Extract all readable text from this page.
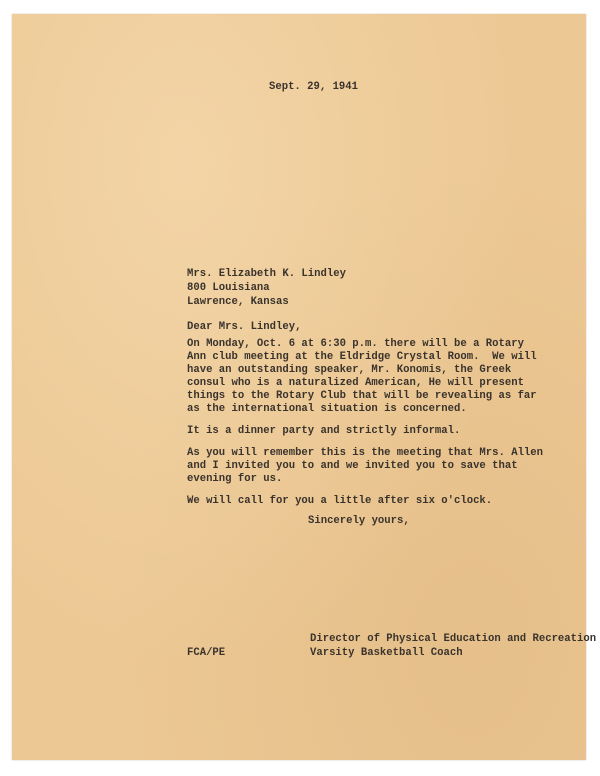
Sept. 29, 1941

Mrs. Elizabeth K. Lindley

800 Louisiana

Lawrence, Kansas

Dear Mrs. Lindley,

On Monday, Oct. 6 at 6:30 p.m. there will be a Rotary

Ann club meeting at the Eldridge Crystal Room.  We will

have an outstanding speaker, Mr. Konomis, the Greek

consul who is a naturalized American, He will present

things to the Rotary Club that will be revealing as far

as the international situation is concerned.

It is a dinner party and strictly informal.

As you will remember this is the meeting that Mrs. Allen

and I invited you to and we invited you to save that

evening for us.

We will call for you a little after six o'clock.

Sincerely yours,

FCA/PE

Director of Physical Education and Recreation

Varsity Basketball Coach
